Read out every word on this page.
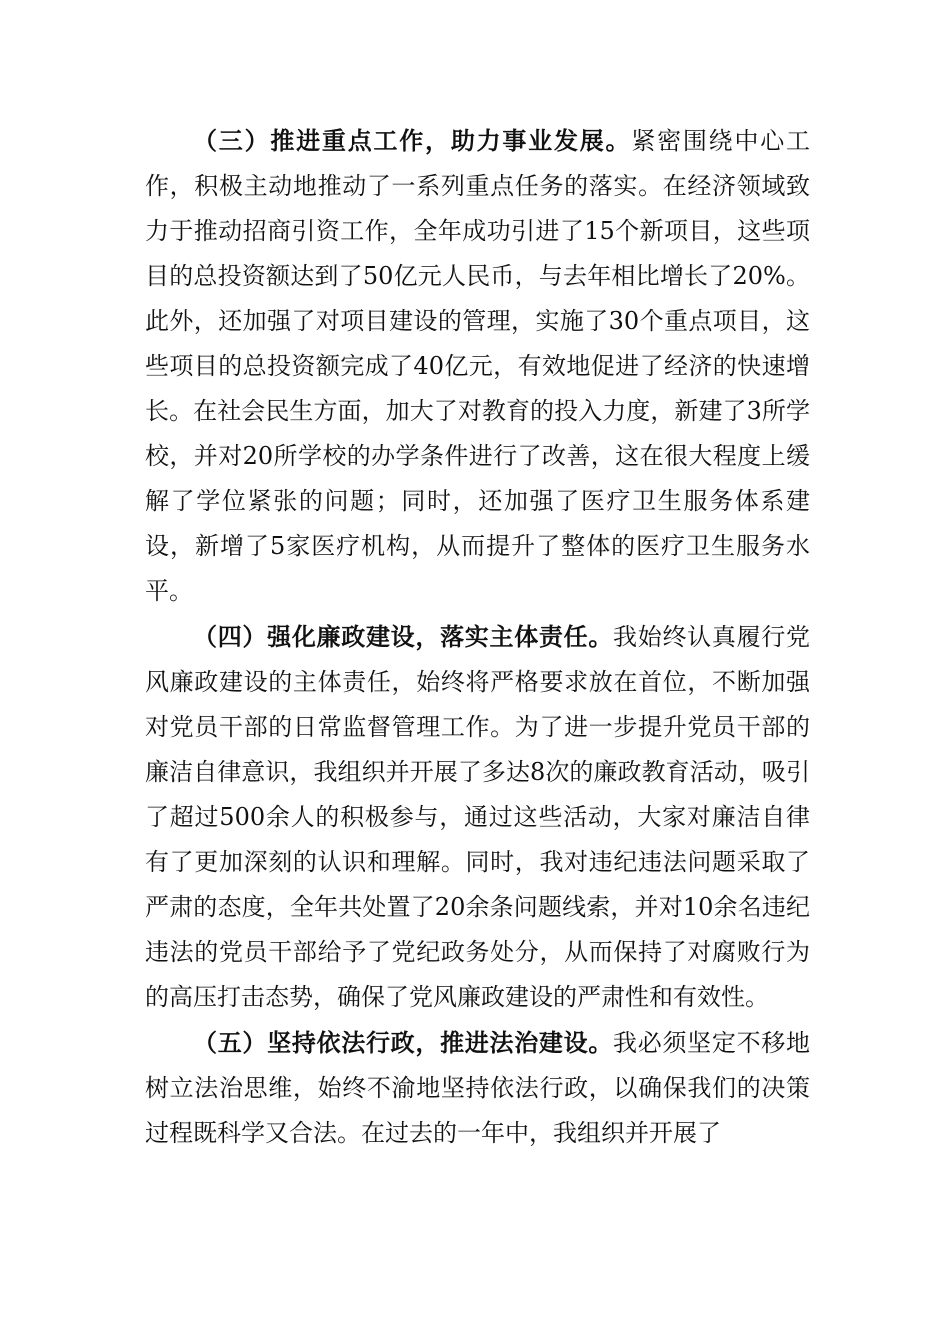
（三）推进重点工作，助力事业发展。紧密围绕中心工作，积极主动地推动了一系列重点任务的落实。在经济领域致力于推动招商引资工作，全年成功引进了15个新项目，这些项目的总投资额达到了50亿元人民币，与去年相比增长了20%。此外，还加强了对项目建设的管理，实施了30个重点项目，这些项目的总投资额完成了40亿元，有效地促进了经济的快速增长。在社会民生方面，加大了对教育的投入力度，新建了3所学校，并对20所学校的办学条件进行了改善，这在很大程度上缓解了学位紧张的问题；同时，还加强了医疗卫生服务体系建设，新增了5家医疗机构，从而提升了整体的医疗卫生服务水平。

（四）强化廉政建设，落实主体责任。我始终认真履行党风廉政建设的主体责任，始终将严格要求放在首位，不断加强对党员干部的日常监督管理工作。为了进一步提升党员干部的廉洁自律意识，我组织并开展了多达8次的廉政教育活动，吸引了超过500余人的积极参与，通过这些活动，大家对廉洁自律有了更加深刻的认识和理解。同时，我对违纪违法问题采取了严肃的态度，全年共处置了20余条问题线索，并对10余名违纪违法的党员干部给予了党纪政务处分，从而保持了对腐败行为的高压打击态势，确保了党风廉政建设的严肃性和有效性。

（五）坚持依法行政，推进法治建设。我必须坚定不移地树立法治思维，始终不渝地坚持依法行政，以确保我们的决策过程既科学又合法。在过去的一年中，我组织并开展了
